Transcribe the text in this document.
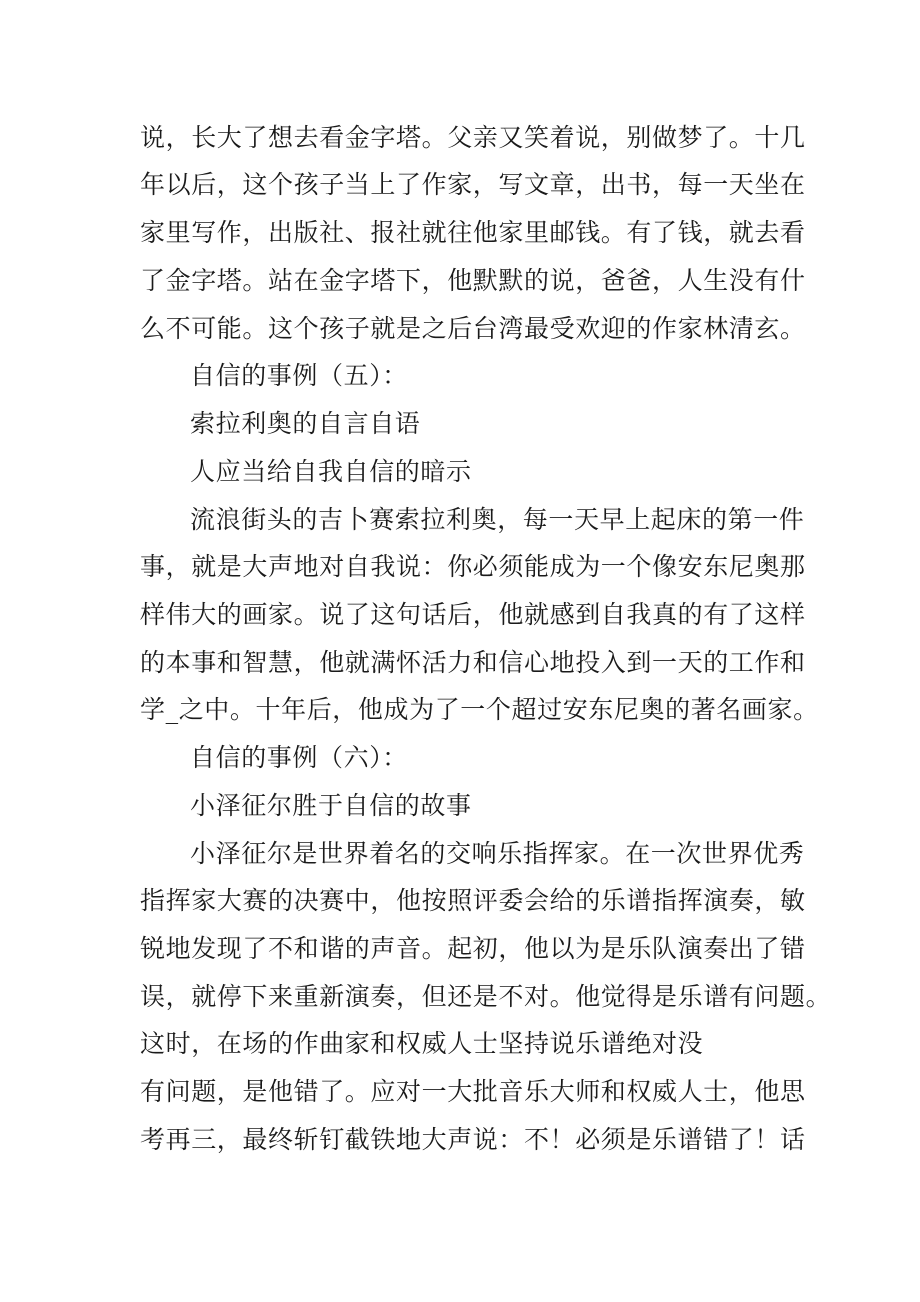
说，长大了想去看金字塔。父亲又笑着说，别做梦了。十几
年以后，这个孩子当上了作家，写文章，出书，每一天坐在
家里写作，出版社、报社就往他家里邮钱。有了钱，就去看
了金字塔。站在金字塔下，他默默的说，爸爸，人生没有什
么不可能。这个孩子就是之后台湾最受欢迎的作家林清玄。
自信的事例（五）：
索拉利奥的自言自语
人应当给自我自信的暗示
流浪街头的吉卜赛索拉利奥，每一天早上起床的第一件
事，就是大声地对自我说：你必须能成为一个像安东尼奥那
样伟大的画家。说了这句话后，他就感到自我真的有了这样
的本事和智慧，他就满怀活力和信心地投入到一天的工作和
学_之中。十年后，他成为了一个超过安东尼奥的著名画家。
自信的事例（六）：
小泽征尔胜于自信的故事
小泽征尔是世界着名的交响乐指挥家。在一次世界优秀
指挥家大赛的决赛中，他按照评委会给的乐谱指挥演奏，敏
锐地发现了不和谐的声音。起初，他以为是乐队演奏出了错
误，就停下来重新演奏，但还是不对。他觉得是乐谱有问题。
这时，在场的作曲家和权威人士坚持说乐谱绝对没
有问题，是他错了。应对一大批音乐大师和权威人士，他思
考再三，最终斩钉截铁地大声说：不！必须是乐谱错了！话
